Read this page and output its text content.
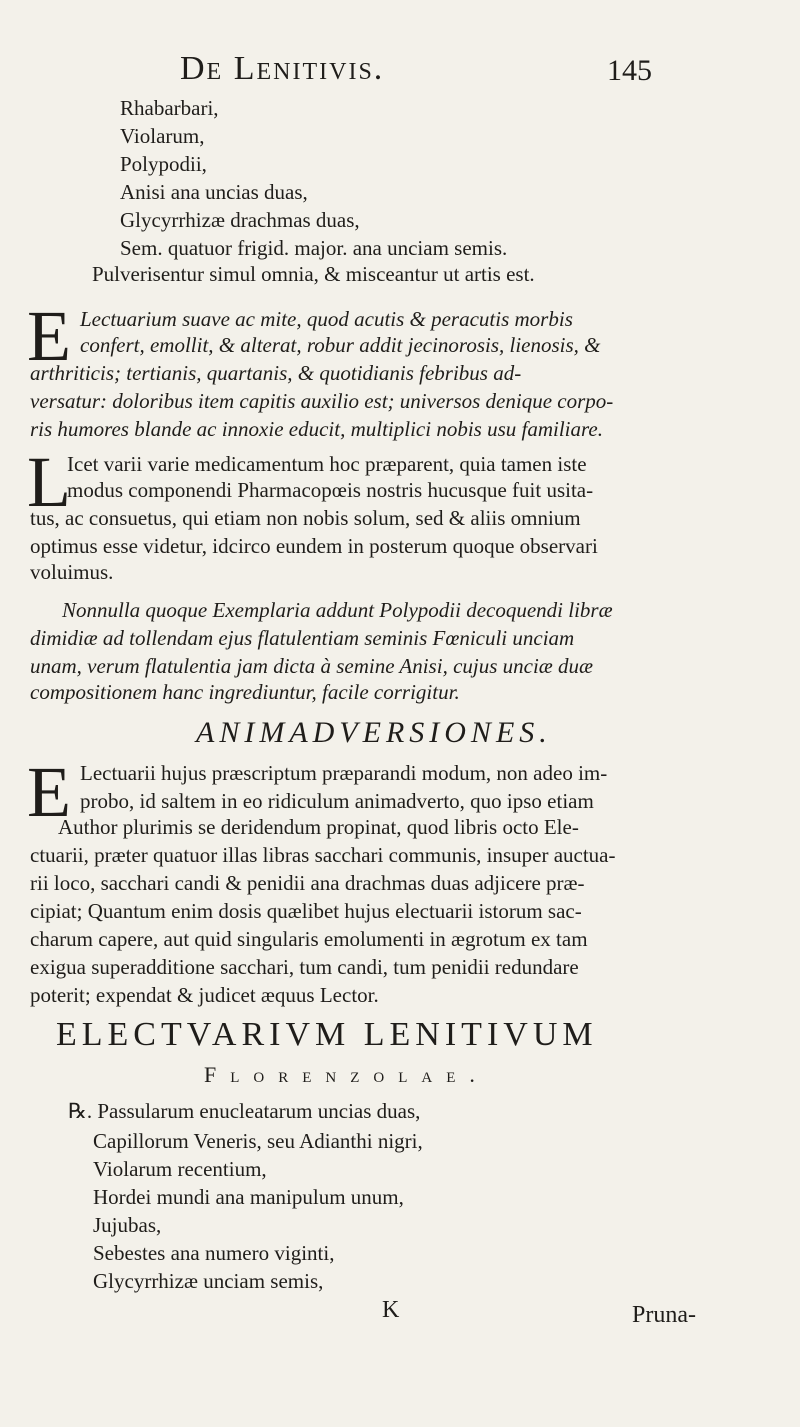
De Lenitivis.	145
Rhabarbari,
Violarum,
Polypodii,
Anisi ana uncias duas,
Glycyrrhizæ drachmas duas,
Sem. quatuor frigid. major. ana unciam semis.
Pulverisentur simul omnia, & misceantur ut artis est.
E Lectuarium suave ac mite, quod acutis & peracutis morbis
confert, emollit, & alterat, robur addit jecinorosis, lienosis, &
arthriticis; tertianis, quartanis, & quotidianis febribus ad-
versatur: doloribus item capitis auxilio est; universos denique corpo-
ris humores blande ac innoxie educit, multiplici nobis usu familiare.
L
Icet varii varie medicamentum hoc præparent, quia tamen iste
modus componendi Pharmacopœis nostris hucusque fuit usita-
tus, ac consuetus, qui etiam non nobis solum, sed & aliis omnium
optimus esse videtur, idcirco eundem in posterum quoque observari
voluimus.
Nonnulla quoque Exemplaria addunt Polypodii decoquendi libræ
dimidiæ ad tollendam ejus flatulentiam seminis Fœniculi unciam
unam, verum flatulentia jam dicta à semine Anisi, cujus unciæ duæ
compositionem hanc ingrediuntur, facile corrigitur.
ANIMADVERSIONES.
E Lectuarii hujus præscriptum præparandi modum, non adeo im-
probo, id saltem in eo ridiculum animadverto, quo ipso etiam
Author plurimis se deridendum propinat, quod libris octo Ele-
ctuarii, præter quatuor illas libras sacchari communis, insuper auctua-
rii loco, sacchari candi & penidii ana drachmas duas adjicere præ-
cipiat; Quantum enim dosis quælibet hujus electuarii istorum sac-
charum capere, aut quid singularis emolumenti in ægrotum ex tam
exigua superadditione sacchari, tum candi, tum penidii redundare
poterit; expendat & judicet æquus Lector.
ELECTVARIVM LENITIVUM
Florenzolae.
℞. Passularum enucleatarum uncias duas,
Capillorum Veneris, seu Adianthi nigri,
Violarum recentium,
Hordei mundi ana manipulum unum,
Jujubas,
Sebestes ana numero viginti,
Glycyrrhizæ unciam semis,
K	Pruna-
